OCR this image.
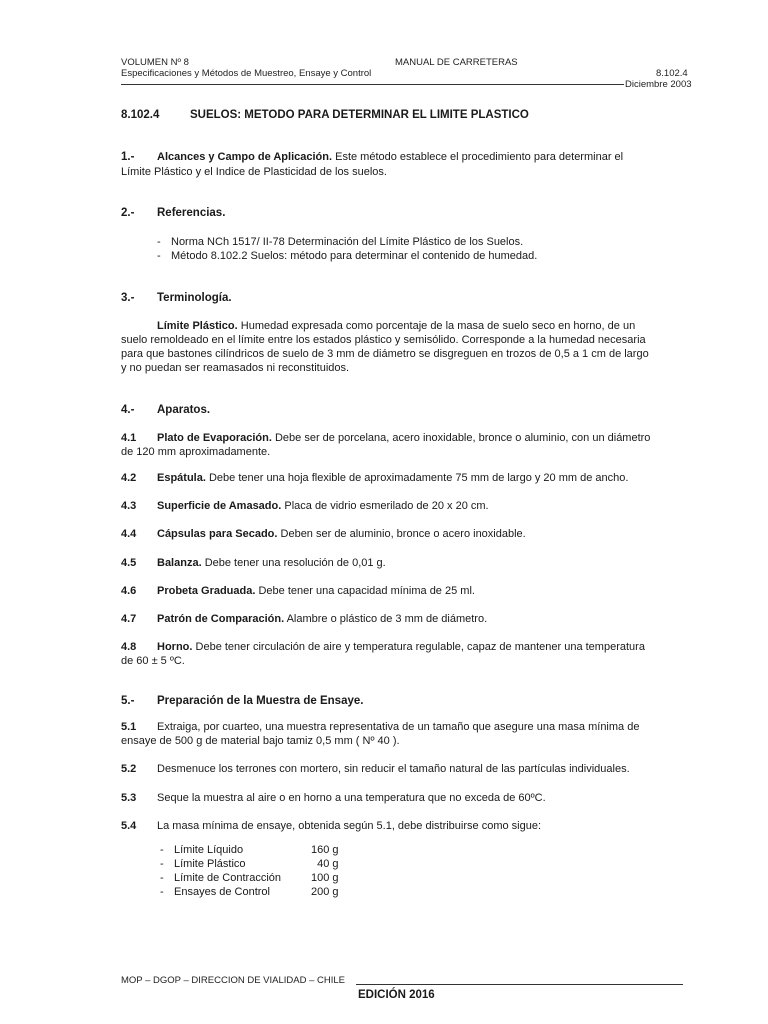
VOLUMEN Nº 8
Especificaciones y Métodos de Muestreo, Ensaye y Control
MANUAL DE CARRETERAS
8.102.4
Diciembre 2003
8.102.4	SUELOS: METODO PARA DETERMINAR EL LIMITE PLASTICO
1.- Alcances y Campo de Aplicación. Este método establece el procedimiento para determinar el
Límite Plástico y el Indice de Plasticidad de los suelos.
2.- Referencias.
- Norma NCh 1517/ II-78 Determinación del Límite Plástico de los Suelos.
- Método 8.102.2 Suelos: método para determinar el contenido de humedad.
3.- Terminología.
Límite Plástico. Humedad expresada como porcentaje de la masa de suelo seco en horno, de un
suelo remoldeado en el límite entre los estados plástico y semisólido. Corresponde a la humedad necesaria
para que bastones cilíndricos de suelo de 3 mm de diámetro se disgreguen en trozos de 0,5 a 1 cm de largo
y no puedan ser reamasados ni reconstituidos.
4.- Aparatos.
4.1 Plato de Evaporación. Debe ser de porcelana, acero inoxidable, bronce o aluminio, con un diámetro
de 120 mm aproximadamente.
4.2 Espátula. Debe tener una hoja flexible de aproximadamente 75 mm de largo y 20 mm de ancho.
4.3 Superficie de Amasado. Placa de vidrio esmerilado de 20 x 20 cm.
4.4 Cápsulas para Secado. Deben ser de aluminio, bronce o acero inoxidable.
4.5 Balanza. Debe tener una resolución de 0,01 g.
4.6 Probeta Graduada. Debe tener una capacidad mínima de 25 ml.
4.7 Patrón de Comparación. Alambre o plástico de 3 mm de diámetro.
4.8 Horno. Debe tener circulación de aire y temperatura regulable, capaz de mantener una temperatura
de 60 ± 5 ºC.
5.- Preparación de la Muestra de Ensaye.
5.1 Extraiga, por cuarteo, una muestra representativa de un tamaño que asegure una masa mínima de
ensaye de 500 g de material bajo tamiz 0,5 mm ( Nº 40 ).
5.2 Desmenuce los terrones con mortero, sin reducir el tamaño natural de las partículas individuales.
5.3 Seque la muestra al aire o en horno a una temperatura que no exceda de 60ºC.
5.4 La masa mínima de ensaye, obtenida según 5.1, debe distribuirse como sigue:
- Límite Líquido	160 g
- Límite Plástico	40 g
- Límite de Contracción	100 g
- Ensayes de Control	200 g
MOP – DGOP – DIRECCION DE VIALIDAD – CHILE
EDICIÓN 2016
